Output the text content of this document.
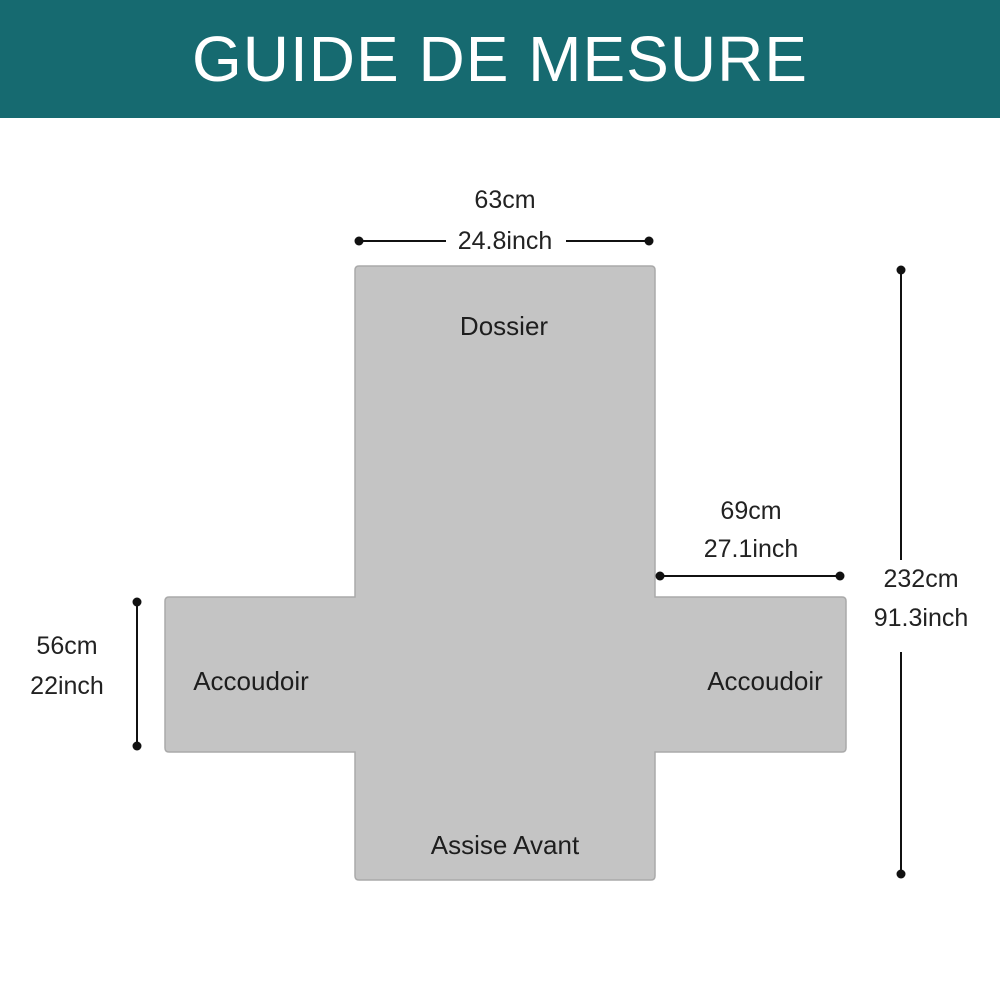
GUIDE DE MESURE
63cm
24.8inch
69cm
27.1inch
232cm
91.3inch
56cm
22inch
Dossier
Accoudoir	Accoudoir
Assise Avant
